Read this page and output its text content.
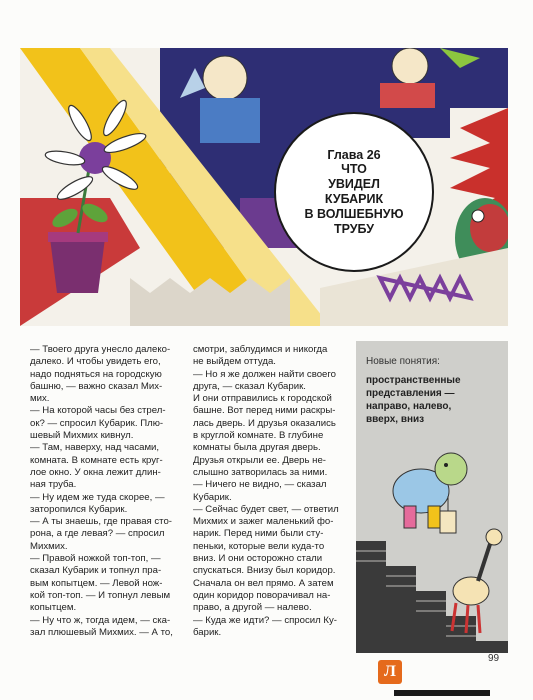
Глава 26
ЧТО
УВИДЕЛ
КУБАРИК
В ВОЛШЕБНУЮ
ТРУБУ
— Твоего друга унесло далеко-
далеко. И чтобы увидеть его,
надо подняться на городскую
башню, — важно сказал Мих-
мих.
— На которой часы без стрел-
ок? — спросил Кубарик. Плю-
шевый Михмих кивнул.
— Там, наверху, над часами,
комната. В комнате есть круг-
лое окно. У окна лежит длин-
ная труба.
— Ну идем же туда скорее, —
заторопился Кубарик.
— А ты знаешь, где правая сто-
рона, а где левая? — спросил
Михмих.
— Правой ножкой топ-топ, —
сказал Кубарик и топнул пра-
вым копытцем. — Левой нож-
кой топ-топ. — И топнул левым
копытцем.
— Ну что ж, тогда идем, — ска-
зал плюшевый Михмих. — А то,
смотри, заблудимся и никогда
не выйдем оттуда.
— Но я же должен найти своего
друга, — сказал Кубарик.
И они отправились к городской
башне. Вот перед ними раскры-
лась дверь. И друзья оказались
в круглой комнате. В глубине
комнаты была другая дверь.
Друзья открыли ее. Дверь не-
слышно затворилась за ними.
— Ничего не видно, — сказал
Кубарик.
— Сейчас будет свет, — ответил
Михмих и зажег маленький фо-
нарик. Перед ними были сту-
пеньки, которые вели куда-то
вниз. И они осторожно стали
спускаться. Внизу был коридор.
Сначала он вел прямо. А затем
один коридор поворачивал на-
право, а другой — налево.
— Куда же идти? — спросил Ку-
барик.
Новые понятия:
пространственные
представления —
направо, налево,
вверх, вниз
Л
99
